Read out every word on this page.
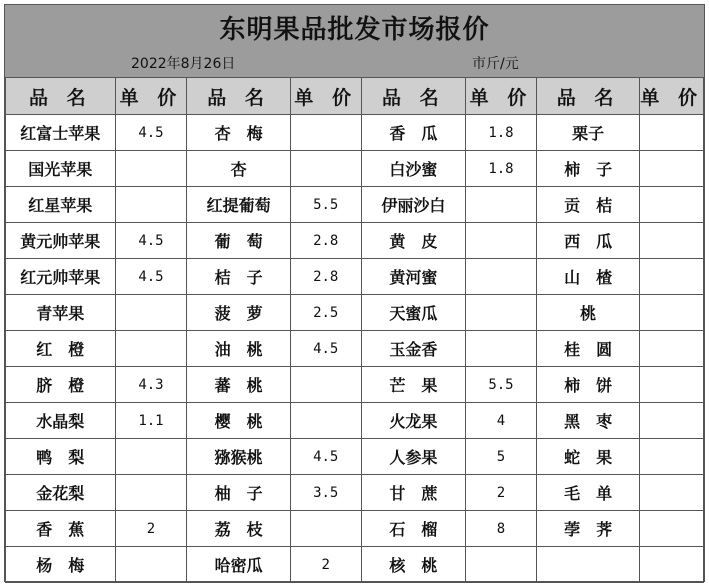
东明果品批发市场报价
2022年8月26日	市斤/元
品 名	单 价	品 名	单 价	品 名	单 价	品 名	单 价
红富士苹果	4.5	杏　梅		香　瓜	1.8	栗子	
国光苹果		杏		白沙蜜	1.8	柿　子	
红星苹果		红提葡萄	5.5	伊丽沙白		贡　桔	
黄元帅苹果	4.5	葡　萄	2.8	黄　皮		西　瓜	
红元帅苹果	4.5	桔　子	2.8	黄河蜜		山　楂	
青苹果		菠　萝	2.5	天蜜瓜		桃	
红　橙		油　桃	4.5	玉金香		桂　圆	
脐　橙	4.3	蕃　桃		芒　果	5.5	柿　饼	
水晶梨	1.1	樱　桃		火龙果	4	黑　枣	
鸭　梨		猕猴桃	4.5	人参果	5	蛇　果	
金花梨		柚　子	3.5	甘　蔗	2	毛　单	
香　蕉	2	荔　枝		石　榴	8	荸　荠	
杨　梅		哈密瓜	2	核　桃			
